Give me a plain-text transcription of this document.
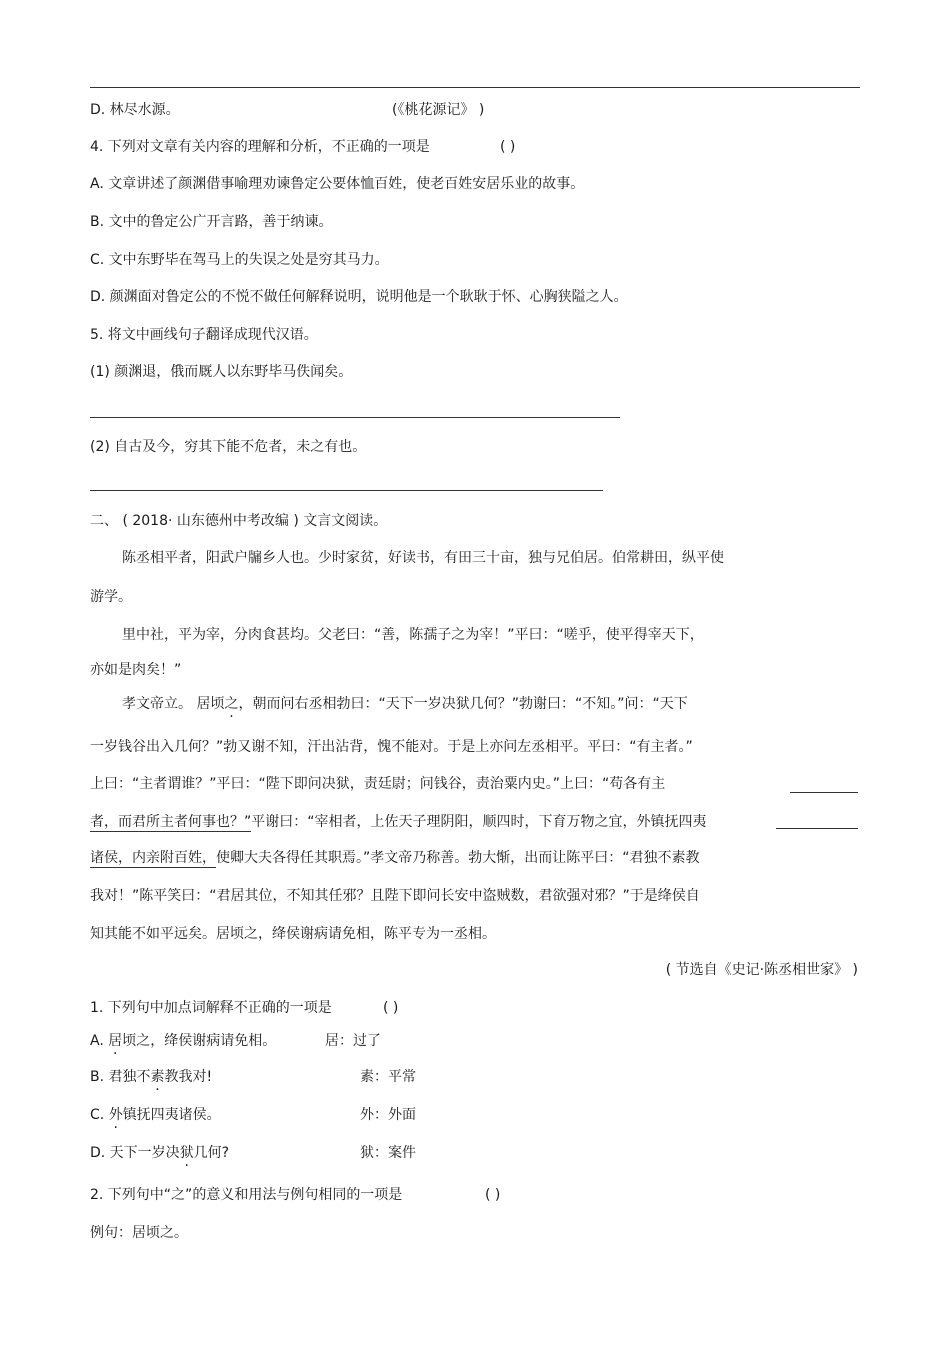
D. 林尽水源。	(《桃花源记》 )
4. 下列对文章有关内容的理解和分析，不正确的一项是	( )
A. 文章讲述了颜渊借事喻理劝谏鲁定公要体恤百姓，使老百姓安居乐业的故事。
B. 文中的鲁定公广开言路，善于纳谏。
C. 文中东野毕在驾马上的失误之处是穷其马力。
D. 颜渊面对鲁定公的不悦不做任何解释说明，说明他是一个耿耿于怀、心胸狭隘之人。
5. 将文中画线句子翻译成现代汉语。
(1) 颜渊退，俄而厩人以东野毕马佚闻矣。
(2) 自古及今，穷其下能不危者，未之有也。
二、 ( 2018· 山东德州中考改编 ) 文言文阅读。
陈丞相平者，阳武户牖乡人也。少时家贫，好读书，有田三十亩，独与兄伯居。伯常耕田，纵平使
游学。
里中社，平为宰，分肉食甚均。父老曰：“善，陈孺子之为宰！”平曰：“嗟乎，使平得宰天下，
亦如是肉矣！”
孝文帝立。 居顷之，朝而问右丞相勃曰：“天下一岁决狱几何？”勃谢曰：“不知。”问：“天下
一岁钱谷出入几何？”勃又谢不知，汗出沾背，愧不能对。于是上亦问左丞相平。平曰：“有主者。”
上曰：“主者谓谁？”平曰：“陛下即问决狱，责廷尉；问钱谷，责治粟内史。”上曰：“苟各有主
者，而君所主者何事也？”平谢曰：“宰相者，上佐天子理阴阳，顺四时，下育万物之宜，外镇抚四夷
诸侯，内亲附百姓，使卿大夫各得任其职焉。”孝文帝乃称善。勃大惭，出而让陈平曰：“君独不素教
我对！”陈平笑曰：“君居其位，不知其任邪？且陛下即问长安中盗贼数，君欲强对邪？”于是绛侯自
知其能不如平远矣。居顷之，绛侯谢病请免相，陈平专为一丞相。
( 节选自《史记·陈丞相世家》 )
1. 下列句中加点词解释不正确的一项是	( )
A. 居顷之，绛侯谢病请免相。	居：过了
B. 君独不素教我对!	素：平常
C. 外镇抚四夷诸侯。	外：外面
D. 天下一岁决狱几何?	狱：案件
2. 下列句中“之”的意义和用法与例句相同的一项是	( )
例句：居顷之。
